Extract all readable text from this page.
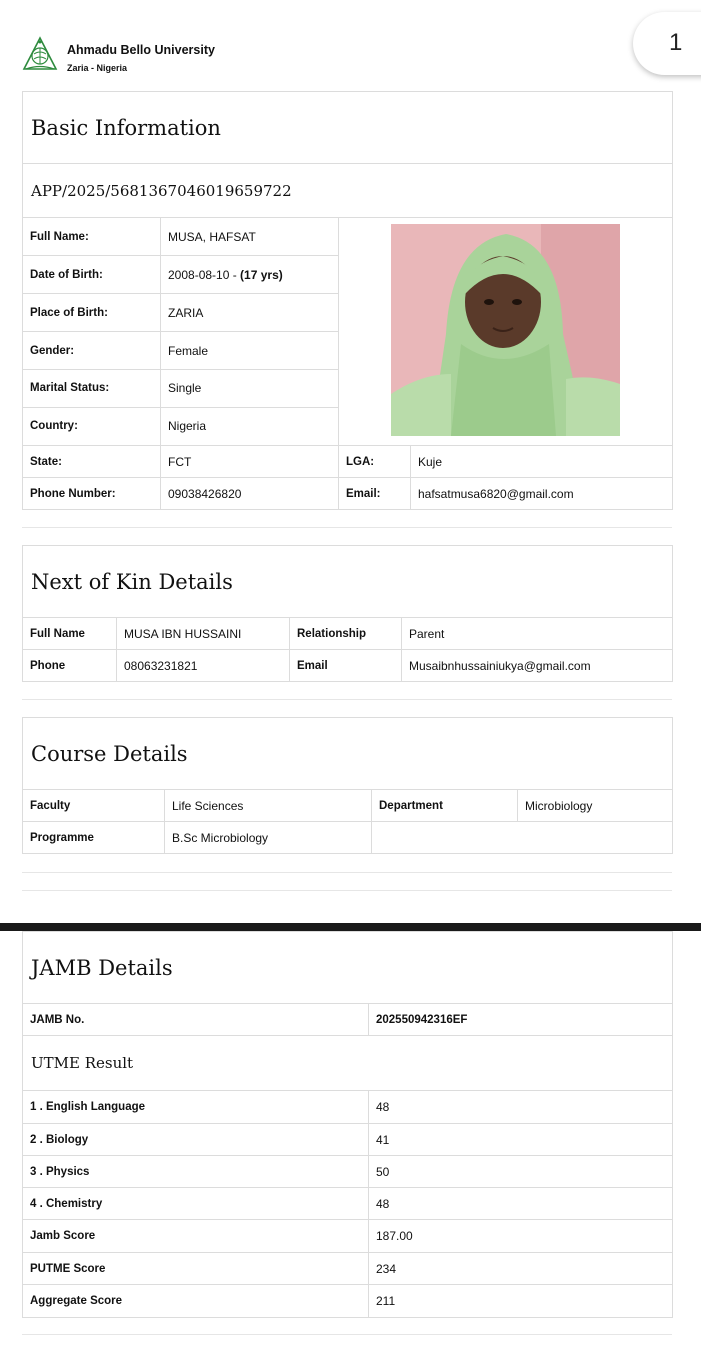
Ahmadu Bello University
Zaria - Nigeria
1
Basic Information			
APP/2025/5681367046019659722			
Full Name:	MUSA, HAFSAT	
Date of Birth:	2008-08-10 - (17 yrs)		
Place of Birth:	ZARIA		
Gender:	Female		
Marital Status:	Single		
Country:	Nigeria		
State:	FCT	LGA:	Kuje
Phone Number:	09038426820	Email:	hafsatmusa6820@gmail.com
Next of Kin Details			
Full Name	MUSA IBN HUSSAINI	Relationship	Parent
Phone	08063231821	Email	Musaibnhussainiukya@gmail.com
Course Details			
Faculty	Life Sciences	Department	Microbiology
Programme	B.Sc Microbiology		
JAMB Details	
JAMB No.	202550942316EF
UTME Result	
1 . English Language	48
2 . Biology	41
3 . Physics	50
4 . Chemistry	48
Jamb Score	187.00
PUTME Score	234
Aggregate Score	211
